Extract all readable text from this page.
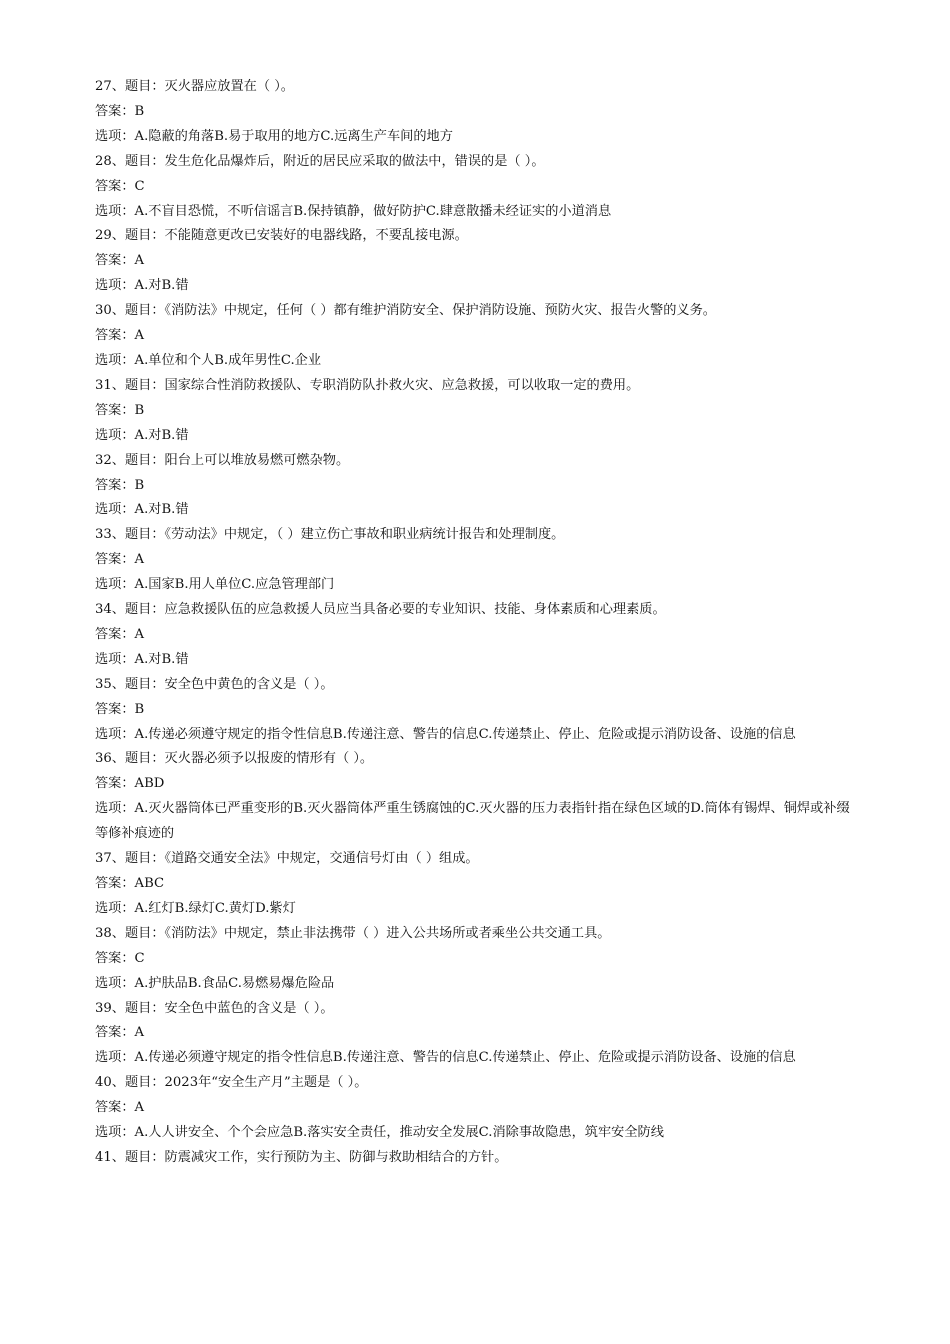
27、题目：灭火器应放置在（ ）。

答案：B

选项：A.隐蔽的角落B.易于取用的地方C.远离生产车间的地方

28、题目：发生危化品爆炸后，附近的居民应采取的做法中，错误的是（ ）。

答案：C

选项：A.不盲目恐慌，不听信谣言B.保持镇静，做好防护C.肆意散播未经证实的小道消息

29、题目：不能随意更改已安装好的电器线路，不要乱接电源。

答案：A

选项：A.对B.错

30、题目：《消防法》中规定，任何（ ）都有维护消防安全、保护消防设施、预防火灾、报告火警的义务。

答案：A

选项：A.单位和个人B.成年男性C.企业

31、题目：国家综合性消防救援队、专职消防队扑救火灾、应急救援，可以收取一定的费用。

答案：B

选项：A.对B.错

32、题目：阳台上可以堆放易燃可燃杂物。

答案：B

选项：A.对B.错

33、题目：《劳动法》中规定，（ ）建立伤亡事故和职业病统计报告和处理制度。

答案：A

选项：A.国家B.用人单位C.应急管理部门

34、题目：应急救援队伍的应急救援人员应当具备必要的专业知识、技能、身体素质和心理素质。

答案：A

选项：A.对B.错

35、题目：安全色中黄色的含义是（ ）。

答案：B

选项：A.传递必须遵守规定的指令性信息B.传递注意、警告的信息C.传递禁止、停止、危险或提示消防设备、设施的信息

36、题目：灭火器必须予以报废的情形有（ ）。

答案：ABD

选项：A.灭火器筒体已严重变形的B.灭火器筒体严重生锈腐蚀的C.灭火器的压力表指针指在绿色区域的D.筒体有锡焊、铜焊或补缀等修补痕迹的

37、题目：《道路交通安全法》中规定，交通信号灯由（ ）组成。

答案：ABC

选项：A.红灯B.绿灯C.黄灯D.紫灯

38、题目：《消防法》中规定，禁止非法携带（ ）进入公共场所或者乘坐公共交通工具。

答案：C

选项：A.护肤品B.食品C.易燃易爆危险品

39、题目：安全色中蓝色的含义是（ ）。

答案：A

选项：A.传递必须遵守规定的指令性信息B.传递注意、警告的信息C.传递禁止、停止、危险或提示消防设备、设施的信息

40、题目：2023年“安全生产月”主题是（ ）。

答案：A

选项：A.人人讲安全、个个会应急B.落实安全责任，推动安全发展C.消除事故隐患，筑牢安全防线

41、题目：防震减灾工作，实行预防为主、防御与救助相结合的方针。
